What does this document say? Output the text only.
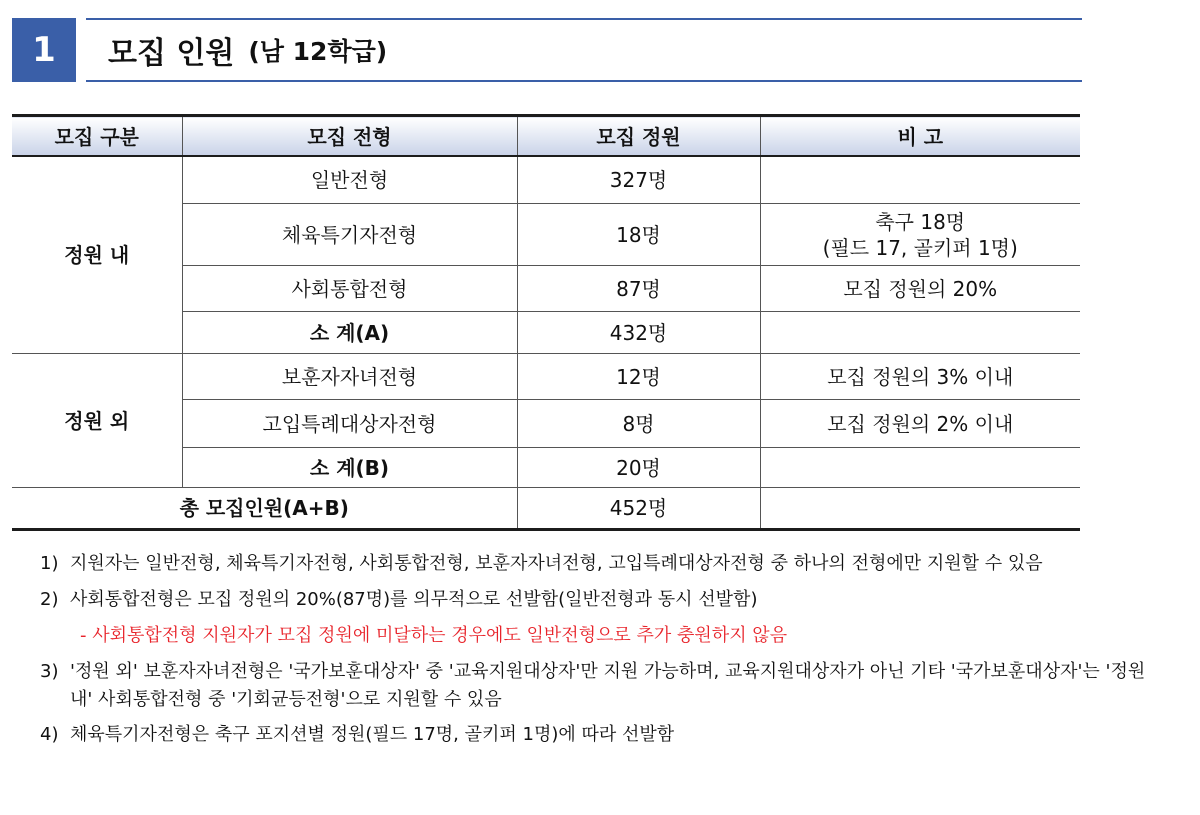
1	모집 인원 (남 12학급)
모집 구분	모집 전형	모집 정원	비 고
정원 내	일반전형	327명	
	체육특기자전형	18명	축구 18명
(필드 17, 골키퍼 1명)

	사회통합전형	87명	모집 정원의 20%
	소 계(A)	432명	
정원 외	보훈자자녀전형	12명	모집 정원의 3% 이내
	고입특례대상자전형	8명	모집 정원의 2% 이내
	소 계(B)	20명	
총 모집인원(A+B)		452명	
1) 지원자는 일반전형, 체육특기자전형, 사회통합전형, 보훈자자녀전형, 고입특례대상자전형 중 하나의 전형에만 지원할 수 있음
2) 사회통합전형은 모집 정원의 20%(87명)를 의무적으로 선발함(일반전형과 동시 선발함)
- 사회통합전형 지원자가 모집 정원에 미달하는 경우에도 일반전형으로 추가 충원하지 않음
3) '정원 외' 보훈자자녀전형은 '국가보훈대상자' 중 '교육지원대상자'만 지원 가능하며, 교육지원대상자가 아닌 기타 '국가보훈대상자'는 '정원 내' 사회통합전형 중 '기회균등전형'으로 지원할 수 있음
4) 체육특기자전형은 축구 포지션별 정원(필드 17명, 골키퍼 1명)에 따라 선발함
